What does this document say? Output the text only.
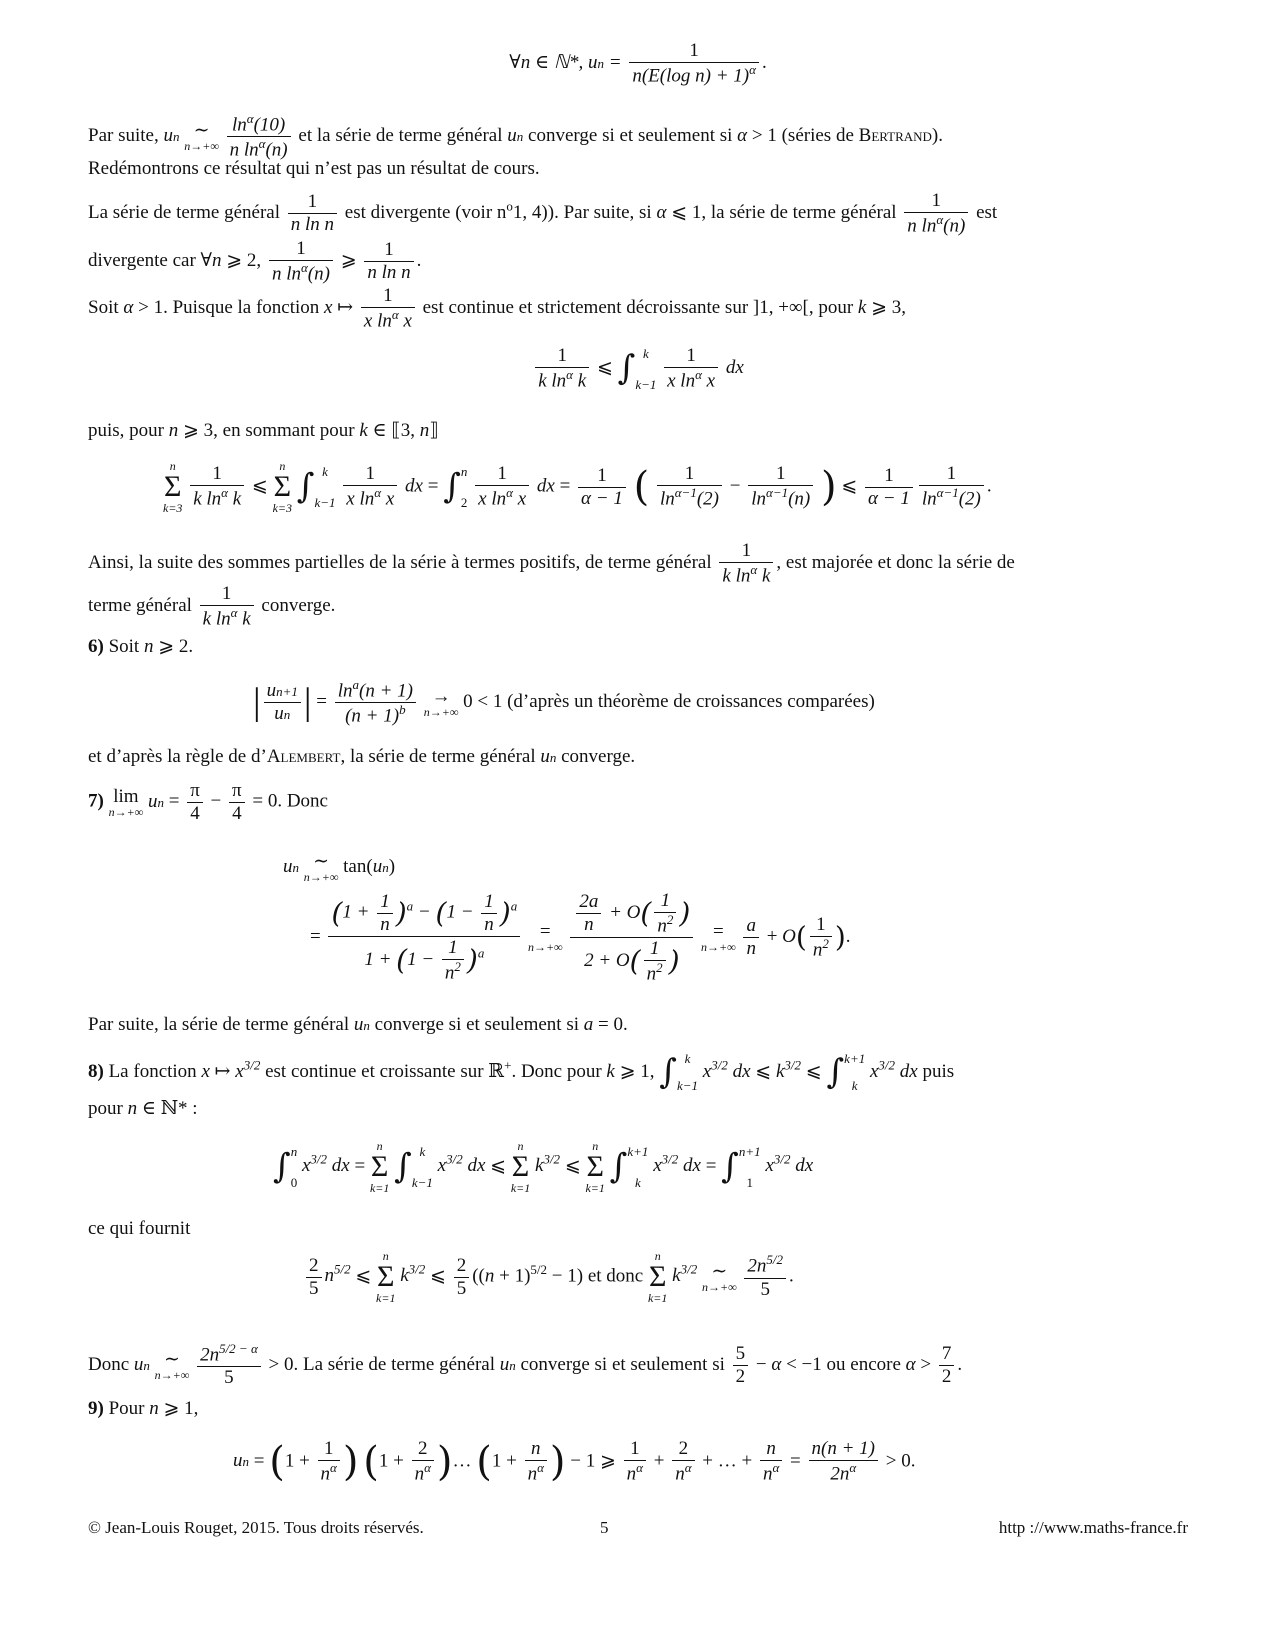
∀n ∈ ℕ*, un = $\frac{1}{n(E(\log n) + 1)^\alpha}$ .
Par suite, un ∼
n→+∞
$\frac{\ln^\alpha(10)}{n \ln^\alpha(n)}$ et la série de terme général un converge si et seulement si α > 1 (séries de Bertrand).
Redémontrons ce résultat qui n’est pas un résultat de cours.
La série de terme général $\frac{1}{\text{n ln n}}$ est divergente (voir $n^o1$, 4)). Par suite, si α ⩽ 1, la série de terme général $\frac{1}{n \ln^\alpha(n)}$ est
divergente car ∀n ⩾ 2, $\frac{1}{n \ln^\alpha(n)}$ ⩾ $\frac{1}{\text{n ln n}}$ .
Soit α > 1. Puisque la fonction x ↦ $\frac{1}{x \ln^\alpha x}$ est continue et strictement décroissante sur ]1, +∞[, pour k ⩾ 3,
$\frac{1}{k \ln^\alpha k}$ ⩽ ∫ k
k−1
$\frac{1}{x \ln^\alpha x}$ dx
puis, pour n ⩾ 3, en sommant pour k ∈ ⟦3, n⟧
n
Σ
k=3
$\frac{1}{k \ln^\alpha k}$ ⩽
n
Σ
k=3
∫ k
k−1
$\frac{1}{x \ln^\alpha x}$ dx = ∫ n
2
$\frac{1}{x \ln^\alpha x}$ dx = $\frac{1}{\alpha - 1}$ ( $\frac{1}{\ln^{\alpha-1}(2)} - \frac{1}{\ln^{\alpha-1}(n)}$ ) ⩽ $\frac{1}{\alpha - 1} \frac{1}{\ln^{\alpha-1}(2)}$ .
Ainsi, la suite des sommes partielles de la série à termes positifs, de terme général $\frac{1}{k \ln^\alpha k}$ , est majorée et donc la série de
terme général $\frac{1}{k \ln^\alpha k}$ converge.
6) Soit n ⩾ 2.
| $\frac{un+1}{un}$ | = $\frac{\ln^a(n + 1)}{(n + 1)^b}$
→
n→+∞
0 < 1 (d’après un théorème de croissances comparées)
et d’après la règle de d’Alembert, la série de terme général un converge.
7) lim
n→+∞
un = $\frac{\pi}{4} - \frac{\pi}{4} = 0$. Donc
un ∼
n→+∞
tan(un)
= $\frac{(1 + \frac{1}{n} )^a - (1 - \frac{1}{n} )^a}{1 + (1 - \frac{1}{n^2} )^a}$
	=
n→+∞
$\frac{\frac{2a}{n} + O( \frac{1}{n^2} )}{2 + O( \frac{1}{n^2} )}$
	=
n→+∞
$\frac{a}{n} + O( \frac{1}{n^2}$ ).
Par suite, la série de terme général un converge si et seulement si a = 0.
8) La fonction x ↦ $x^{3/2}$ est continue et croissante sur ℝ+. Donc pour k ⩾ 1, ∫ k
k−1
$x^{3/2}$ dx ⩽ $k^{3/2}$ ⩽ ∫ k+1
k
$x^{3/2}$ dx puis
pour n ∈ ℕ* :
∫ n
0
$x^{3/2}$ dx =
n
Σ
k=1
∫ k
k−1
$x^{3/2}$ dx ⩽
n
Σ
k=1
$k^{3/2}$ ⩽
n
Σ
k=1
∫ k+1
k
$x^{3/2}$ dx = ∫ n+1
1
$x^{3/2}$ dx
ce qui fournit
$\frac{2}{5} n^{5/2}$ ⩽
n
Σ
k=1
$k^{3/2}$ ⩽ $\frac{2}{5} ((n + 1)^{5/2} - 1)$ et donc
n
Σ
k=1
$k^{3/2}$ ∼
n→+∞
$\frac{2n^{5/2}}{5}$ .
Donc un ∼
n→+∞
$\frac{2n^{5/2 - \alpha}}{5} > 0$. La série de terme général un converge si et seulement si $\frac{5}{2} - \alpha < -1$ ou encore $\alpha > \frac{7}{2}$ .
9) Pour n ⩾ 1,
un = ($1 + \frac{1}{n^\alpha}$ ) ($1 + \frac{2}{n^\alpha}$ )… ($1 + \frac{n}{n^\alpha}$ ) − 1 ⩾ $\frac{1}{n^\alpha} + \frac{2}{n^\alpha}$ + … + $\frac{n}{n^\alpha} = \frac{n(n + 1)}{2n^\alpha} > 0$.
© Jean-Louis Rouget, 2015. Tous droits réservés.	5	http ://www.maths-france.fr
